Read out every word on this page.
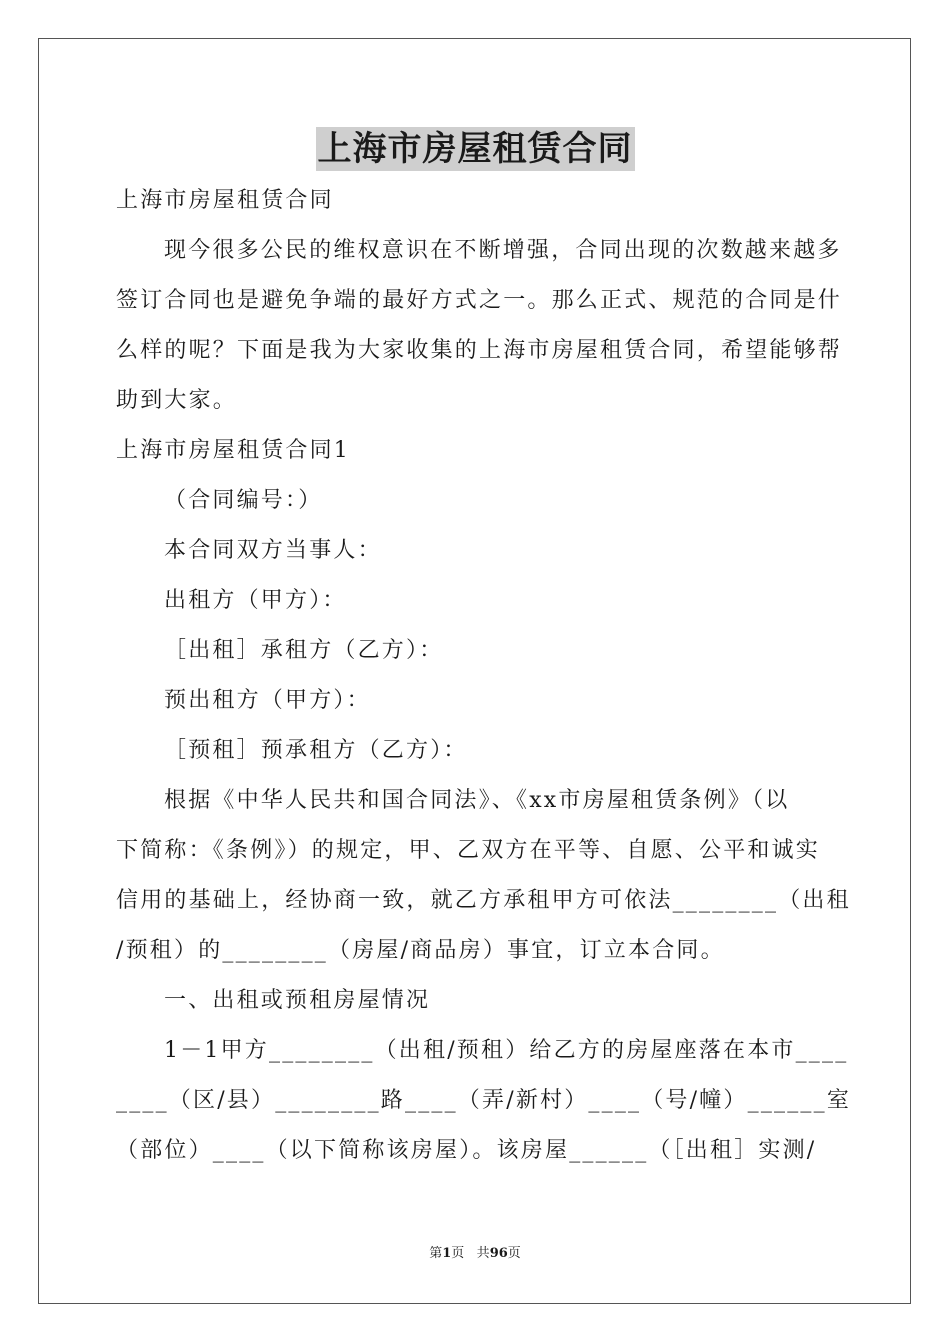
上海市房屋租赁合同
上海市房屋租赁合同
现今很多公民的维权意识在不断增强，合同出现的次数越来越多
签订合同也是避免争端的最好方式之一。那么正式、规范的合同是什
么样的呢？下面是我为大家收集的上海市房屋租赁合同，希望能够帮
助到大家。
上海市房屋租赁合同1
（合同编号：）
本合同双方当事人：
出租方（甲方）：
［出租］承租方（乙方）：
预出租方（甲方）：
［预租］预承租方（乙方）：
根据《中华人民共和国合同法》、《xx市房屋租赁条例》（以
下简称：《条例》）的规定，甲、乙双方在平等、自愿、公平和诚实
信用的基础上，经协商一致，就乙方承租甲方可依法________（出租
/预租）的________（房屋/商品房）事宜，订立本合同。
一、出租或预租房屋情况
1－1甲方________（出租/预租）给乙方的房屋座落在本市____
____（区/县）________路____（弄/新村）____（号/幢）______室
（部位）____（以下简称该房屋）。该房屋______（［出租］实测/
第1页 共96页
